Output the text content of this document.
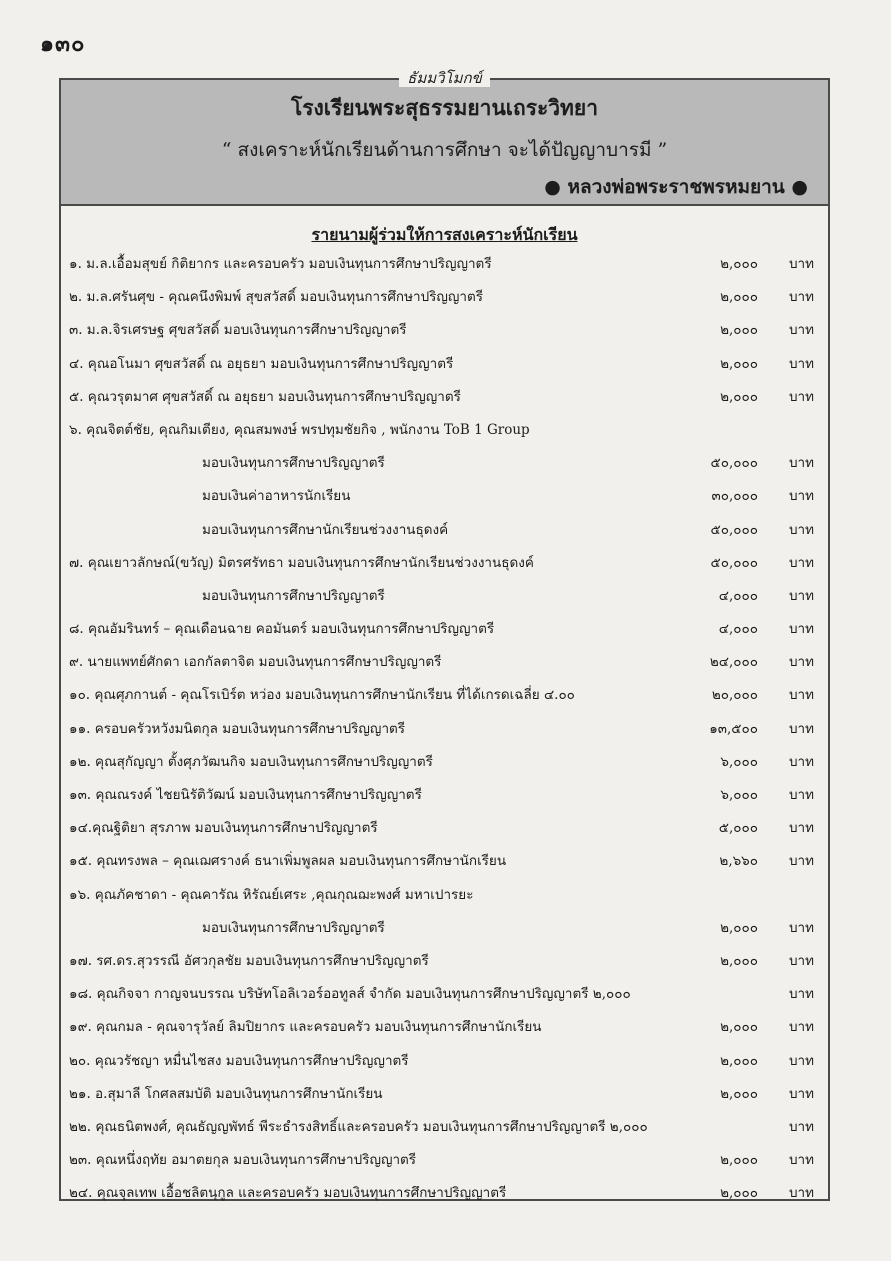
๑๓๐
ธัมมวิโมกข์
โรงเรียนพระสุธรรมยานเถระวิทยา
“ สงเคราะห์นักเรียนด้านการศึกษา จะได้ปัญญาบารมี ”
● หลวงพ่อพระราชพรหมยาน ●
รายนามผู้ร่วมให้การสงเคราะห์นักเรียน
๑. ม.ล.เอื้อมสุขย์ กิติยากร และครอบครัว มอบเงินทุนการศึกษาปริญญาตรี	๒,๐๐๐ บาท
๒. ม.ล.ศรันศุข - คุณคนึงพิมพ์ สุขสวัสดิ์ มอบเงินทุนการศึกษาปริญญาตรี	๒,๐๐๐ บาท
๓. ม.ล.จิรเศรษฐ ศุขสวัสดิ์ มอบเงินทุนการศึกษาปริญญาตรี	๒,๐๐๐ บาท
๔. คุณอโนมา ศุขสวัสดิ์ ณ อยุธยา มอบเงินทุนการศึกษาปริญญาตรี	๒,๐๐๐ บาท
๕. คุณวรุตมาศ ศุขสวัสดิ์ ณ อยุธยา มอบเงินทุนการศึกษาปริญญาตรี	๒,๐๐๐ บาท
๖. คุณจิตต์ชัย, คุณกิมเตียง, คุณสมพงษ์ พรปทุมชัยกิจ , พนักงาน ToB 1 Group
มอบเงินทุนการศึกษาปริญญาตรี	๕๐,๐๐๐ บาท
มอบเงินค่าอาหารนักเรียน	๓๐,๐๐๐ บาท
มอบเงินทุนการศึกษานักเรียนช่วงงานธุดงค์	๕๐,๐๐๐ บาท
๗. คุณเยาวลักษณ์(ขวัญ) มิตรศรัทธา มอบเงินทุนการศึกษานักเรียนช่วงงานธุดงค์	๕๐,๐๐๐ บาท
มอบเงินทุนการศึกษาปริญญาตรี	๔,๐๐๐ บาท
๘. คุณอัมรินทร์ – คุณเดือนฉาย คอมันตร์ มอบเงินทุนการศึกษาปริญญาตรี	๔,๐๐๐ บาท
๙. นายแพทย์ศักดา เอกกัลตาจิต มอบเงินทุนการศึกษาปริญญาตรี	๒๔,๐๐๐ บาท
๑๐. คุณศุภกานต์ - คุณโรเบิร์ต หว่อง มอบเงินทุนการศึกษานักเรียน ที่ได้เกรดเฉลี่ย ๔.๐๐	๒๐,๐๐๐ บาท
๑๑. ครอบครัวหวังมนิตกุล มอบเงินทุนการศึกษาปริญญาตรี	๑๓,๕๐๐ บาท
๑๒. คุณสุกัญญา ตั้งศุภวัฒนกิจ มอบเงินทุนการศึกษาปริญญาตรี	๖,๐๐๐ บาท
๑๓. คุณณรงค์ ไชยนิรัติวัฒน์ มอบเงินทุนการศึกษาปริญญาตรี	๖,๐๐๐ บาท
๑๔.คุณฐิติยา สุรภาพ มอบเงินทุนการศึกษาปริญญาตรี	๕,๐๐๐ บาท
๑๕. คุณทรงพล – คุณเฌศรางค์ ธนาเพิ่มพูลผล มอบเงินทุนการศึกษานักเรียน	๒,๖๖๐ บาท
๑๖. คุณภัคชาดา - คุณคารัณ หิรัณย์เศระ ,คุณกุณฌะพงศ์ มหาเปารยะ
มอบเงินทุนการศึกษาปริญญาตรี	๒,๐๐๐ บาท
๑๗. รศ.ดร.สุวรรณี อัศวกุลชัย มอบเงินทุนการศึกษาปริญญาตรี	๒,๐๐๐ บาท
๑๘. คุณกิจจา กาญจนบรรณ บริษัทโอลิเวอร์ออทูลส์ จำกัด มอบเงินทุนการศึกษาปริญญาตรี ๒,๐๐๐	บาท
๑๙. คุณกมล - คุณจารุวัลย์ ลิมปิยากร และครอบครัว มอบเงินทุนการศึกษานักเรียน	๒,๐๐๐ บาท
๒๐. คุณวรัชญา หมื่นไชสง มอบเงินทุนการศึกษาปริญญาตรี	๒,๐๐๐ บาท
๒๑. อ.สุมาลี โกศลสมบัติ มอบเงินทุนการศึกษานักเรียน	๒,๐๐๐ บาท
๒๒. คุณธนิตพงศ์, คุณธัญญพัทธ์ พีระธำรงสิทธิ์และครอบครัว มอบเงินทุนการศึกษาปริญญาตรี ๒,๐๐๐	บาท
๒๓. คุณหนึ่งฤทัย อมาตยกุล มอบเงินทุนการศึกษาปริญญาตรี	๒,๐๐๐ บาท
๒๔. คุณจุลเทพ เอื้อชลิตนุกูล และครอบครัว มอบเงินทุนการศึกษาปริญญาตรี	๒,๐๐๐ บาท
